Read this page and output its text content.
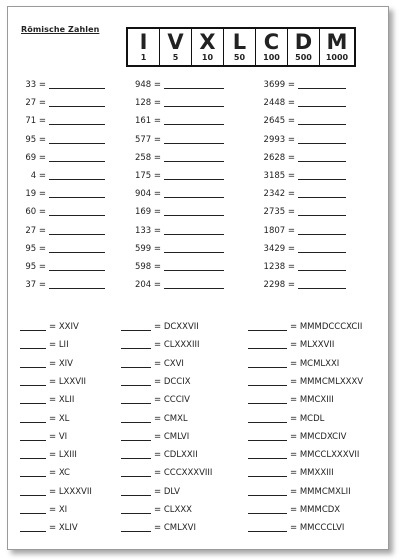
Römische Zahlen
I
1
V
5
X
10
L
50
C
100
D
500
M
1000
33 =
27 =
71 =
95 =
69 =
4 =
19 =
60 =
27 =
95 =
95 =
37 =
948 =
128 =
161 =
577 =
258 =
175 =
904 =
169 =
133 =
599 =
598 =
204 =
3699 =
2448 =
2645 =
2993 =
2628 =
3185 =
2342 =
2735 =
1807 =
3429 =
1238 =
2298 =
= XXIV
= LII
= XIV
= LXXVII
= XLII
= XL
= VI
= LXIII
= XC
= LXXXVII
= XI
= XLIV
= DCXXVII
= CLXXXIII
= CXVI
= DCCIX
= CCCIV
= CMXL
= CMLVI
= CDLXXII
= CCCXXXVIII
= DLV
= CLXXX
= CMLXVI
= MMMDCCCXCII
= MLXXVII
= MCMLXXI
= MMMCMLXXXV
= MMCXIII
= MCDL
= MMCDXCIV
= MMCCLXXXVII
= MMXXIII
= MMMCMXLII
= MMMCDX
= MMCCCLVI
